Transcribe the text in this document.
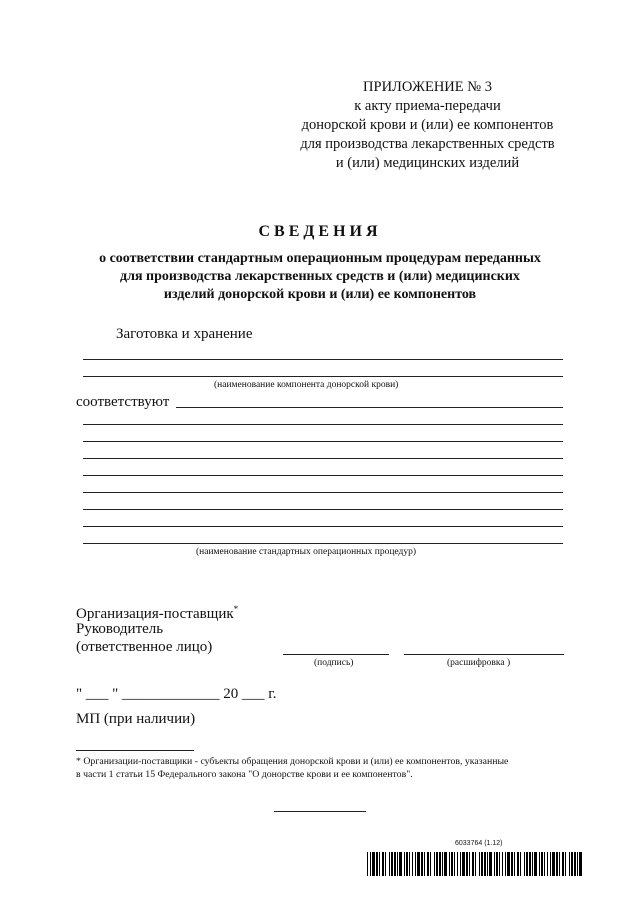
ПРИЛОЖЕНИЕ № 3
к акту приема-передачи
донорской крови и (или) ее компонентов
для производства лекарственных средств
и (или) медицинских изделий
СВЕДЕНИЯ
о соответствии стандартным операционным процедурам переданных
для производства лекарственных средств и (или) медицинских
изделий донорской крови и (или) ее компонентов
Заготовка и хранение
(наименование компонента донорской крови)
соответствуют
(наименование стандартных операционных процедур)
Организация-поставщик*
Руководитель
(ответственное лицо)
(подпись)	(расшифровка )
" ___ " _____________ 20 ___ г.
МП (при наличии)
* Организации-поставщики - субъекты обращения донорской крови и (или) ее компонентов, указанные
в части 1 статьи 15 Федерального закона "О донорстве крови и ее компонентов".
6033764 (1.12)
